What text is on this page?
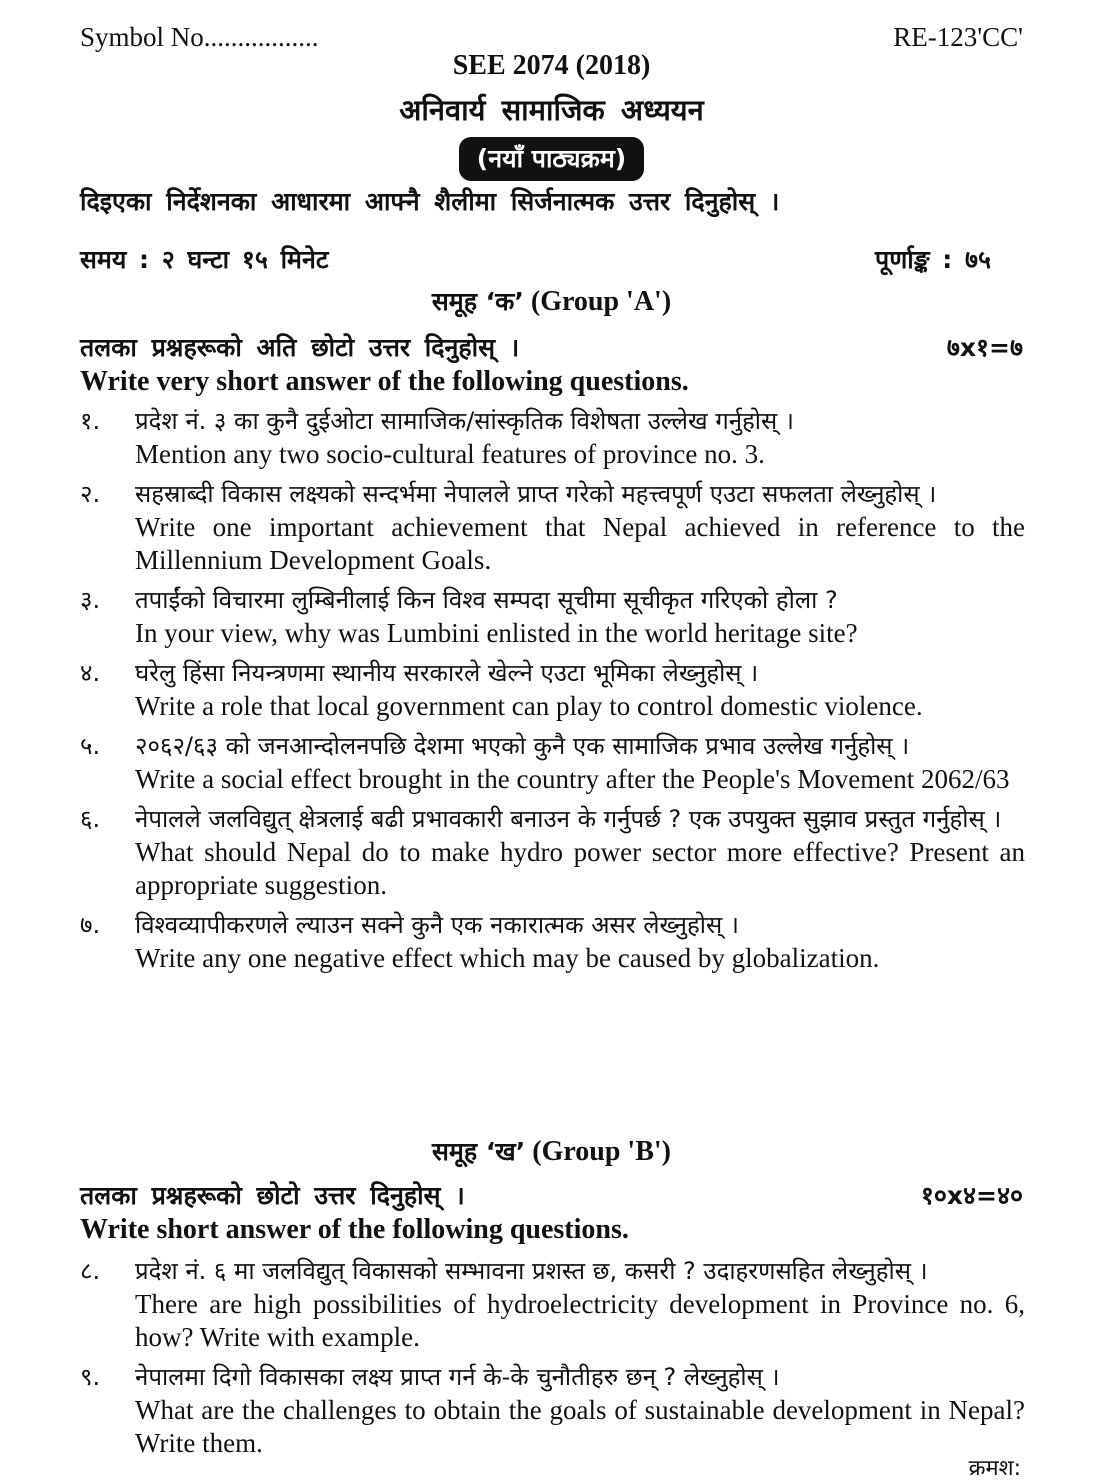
Symbol No.................	RE-123'CC'
SEE 2074 (2018)
अनिवार्य सामाजिक अध्ययन
(नयाँ पाठ्यक्रम)
दिइएका निर्देशनका आधारमा आफ्नै शैलीमा सिर्जनात्मक उत्तर दिनुहोस् ।
समय : २ घन्टा १५ मिनेट	पूर्णाङ्क : ७५
समूह ‘क’ (Group 'A')
तलका प्रश्नहरूको अति छोटो उत्तर दिनुहोस् ।	७x१=७
Write very short answer of the following questions.
१. प्रदेश नं. ३ का कुनै दुईओटा सामाजिक/सांस्कृतिक विशेषता उल्लेख गर्नुहोस् ।
Mention any two socio-cultural features of province no. 3.
२. सहस्राब्दी विकास लक्ष्यको सन्दर्भमा नेपालले प्राप्त गरेको महत्त्वपूर्ण एउटा सफलता लेख्नुहोस् ।
Write one important achievement that Nepal achieved in reference to the Millennium Development Goals.
३. तपाईंको विचारमा लुम्बिनीलाई किन विश्व सम्पदा सूचीमा सूचीकृत गरिएको होला ?
In your view, why was Lumbini enlisted in the world heritage site?
४. घरेलु हिंसा नियन्त्रणमा स्थानीय सरकारले खेल्ने एउटा भूमिका लेख्नुहोस् ।
Write a role that local government can play to control domestic violence.
५. २०६२/६३ को जनआन्दोलनपछि देशमा भएको कुनै एक सामाजिक प्रभाव उल्लेख गर्नुहोस् ।
Write a social effect brought in the country after the People's Movement 2062/63
६. नेपालले जलविद्युत् क्षेत्रलाई बढी प्रभावकारी बनाउन के गर्नुपर्छ ? एक उपयुक्त सुझाव प्रस्तुत गर्नुहोस् ।
What should Nepal do to make hydro power sector more effective? Present an appropriate suggestion.
७. विश्वव्यापीकरणले ल्याउन सक्ने कुनै एक नकारात्मक असर लेख्नुहोस् ।
Write any one negative effect which may be caused by globalization.
समूह ‘ख’ (Group 'B')
तलका प्रश्नहरूको छोटो उत्तर दिनुहोस् ।	१०x४=४०
Write short answer of the following questions.
८. प्रदेश नं. ६ मा जलविद्युत् विकासको सम्भावना प्रशस्त छ, कसरी ? उदाहरणसहित लेख्नुहोस् ।
There are high possibilities of hydroelectricity development in Province no. 6, how? Write with example.
९. नेपालमा दिगो विकासका लक्ष्य प्राप्त गर्न के-के चुनौतीहरु छन् ? लेख्नुहोस् ।
What are the challenges to obtain the goals of sustainable development in Nepal? Write them.
क्रमश:
